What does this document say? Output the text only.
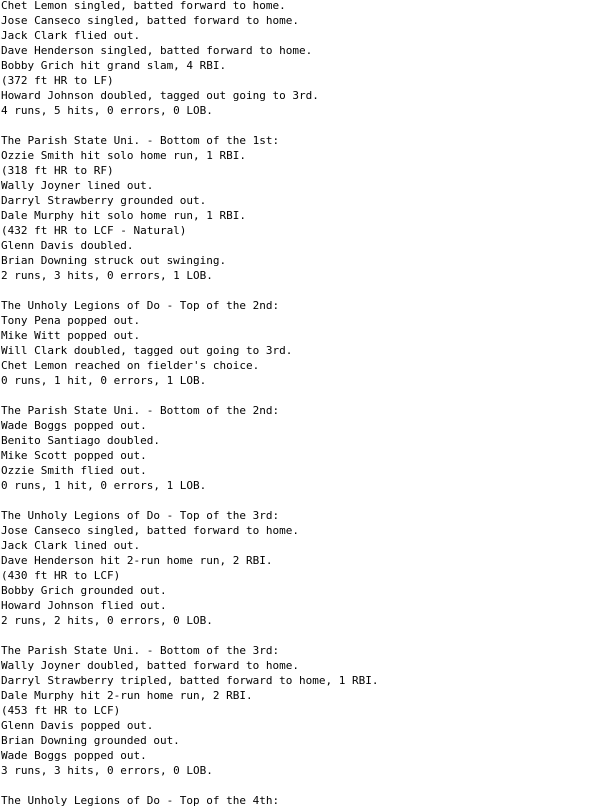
Chet Lemon singled, batted forward to home.
Jose Canseco singled, batted forward to home.
Jack Clark flied out.
Dave Henderson singled, batted forward to home.
Bobby Grich hit grand slam, 4 RBI.
(372 ft HR to LF)
Howard Johnson doubled, tagged out going to 3rd.
4 runs, 5 hits, 0 errors, 0 LOB.
The Parish State Uni. - Bottom of the 1st:
Ozzie Smith hit solo home run, 1 RBI.
(318 ft HR to RF)
Wally Joyner lined out.
Darryl Strawberry grounded out.
Dale Murphy hit solo home run, 1 RBI.
(432 ft HR to LCF - Natural)
Glenn Davis doubled.
Brian Downing struck out swinging.
2 runs, 3 hits, 0 errors, 1 LOB.
The Unholy Legions of Do - Top of the 2nd:
Tony Pena popped out.
Mike Witt popped out.
Will Clark doubled, tagged out going to 3rd.
Chet Lemon reached on fielder's choice.
0 runs, 1 hit, 0 errors, 1 LOB.
The Parish State Uni. - Bottom of the 2nd:
Wade Boggs popped out.
Benito Santiago doubled.
Mike Scott popped out.
Ozzie Smith flied out.
0 runs, 1 hit, 0 errors, 1 LOB.
The Unholy Legions of Do - Top of the 3rd:
Jose Canseco singled, batted forward to home.
Jack Clark lined out.
Dave Henderson hit 2-run home run, 2 RBI.
(430 ft HR to LCF)
Bobby Grich grounded out.
Howard Johnson flied out.
2 runs, 2 hits, 0 errors, 0 LOB.
The Parish State Uni. - Bottom of the 3rd:
Wally Joyner doubled, batted forward to home.
Darryl Strawberry tripled, batted forward to home, 1 RBI.
Dale Murphy hit 2-run home run, 2 RBI.
(453 ft HR to LCF)
Glenn Davis popped out.
Brian Downing grounded out.
Wade Boggs popped out.
3 runs, 3 hits, 0 errors, 0 LOB.
The Unholy Legions of Do - Top of the 4th:
